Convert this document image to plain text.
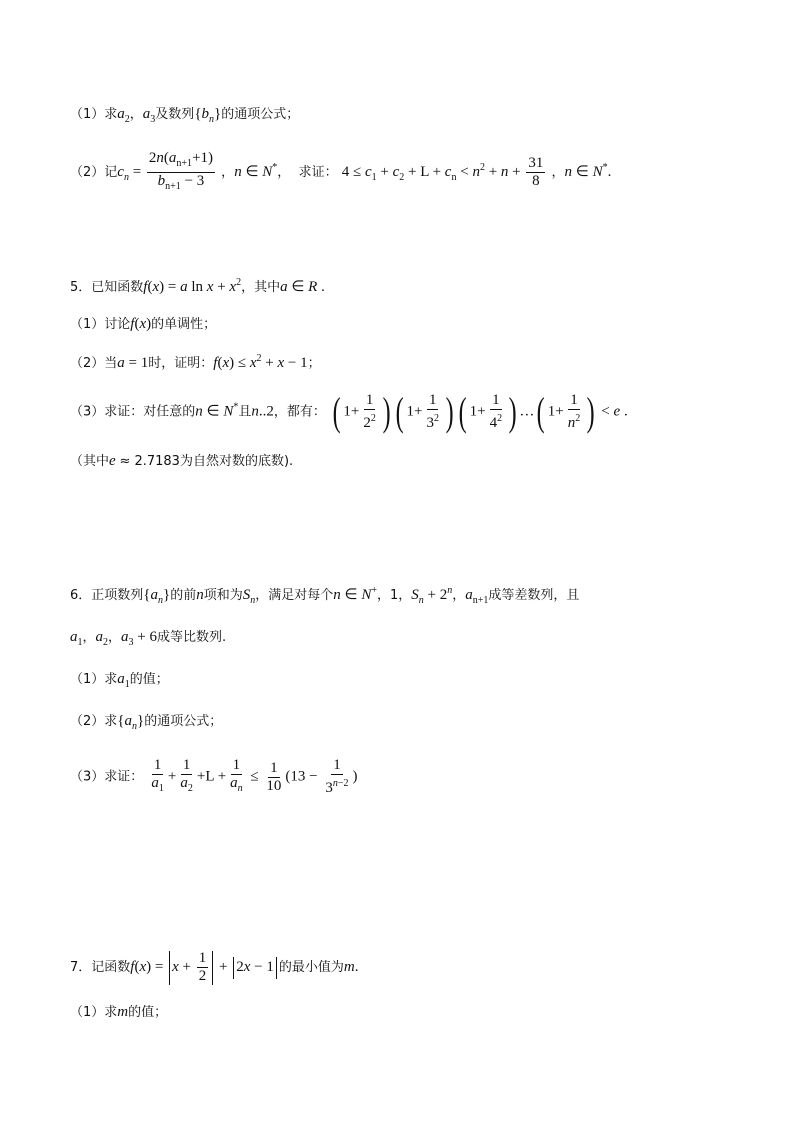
（1）求$a_2$，$a_3$及数列$\{b_n\}$的通项公式；
（2）记$c_n = \frac{2n(a_{n+1}+1)}{b_{n+1} - 3}$ ，n ∈ N*，  求证： $4 \le c_1 + c_2 + L + c_n < n^2 + n + \frac{31}{8}$ ，n ∈ N*.
5．已知函数f(x) = a $\ln x + x^2$，其中a ∈ R .
（1）讨论f(x)的单调性；
（2）当a = 1时，证明：$f(x) \le x^2 + x - 1$；
（3）求证：对任意的n ∈ N*且n..2，都有： ( $1+ \frac{1}{2^2}$ ) ( $1+ \frac{1}{3^2}$ ) ( $1+ \frac{1}{4^2}$ ) …( $1+ \frac{1}{n^2}$ ) < e .
（其中e ≈ 2.7183为自然对数的底数).
6．正项数列$\{a_n\}$的前n项和为$S_n$，满足对每个n ∈ N+，1，$S_n + 2^n$，$a_{n+1}$成等差数列，且
$a_1$，$a_2$，$a_3 + 6$成等比数列.
（1）求$a_1$的值；
（2）求$\{a_n\}$的通项公式；
（3）求证： $\frac{1}{a_1} + \frac{1}{a_2} +L + \frac{1}{a_n} \le \frac{1}{10} (13 - \frac{1}{3^{n-2}}$ )
7．记函数$f(x) = x + \frac{1}{2} + 2x - 1$ 的最小值为m.
（1）求m的值；
